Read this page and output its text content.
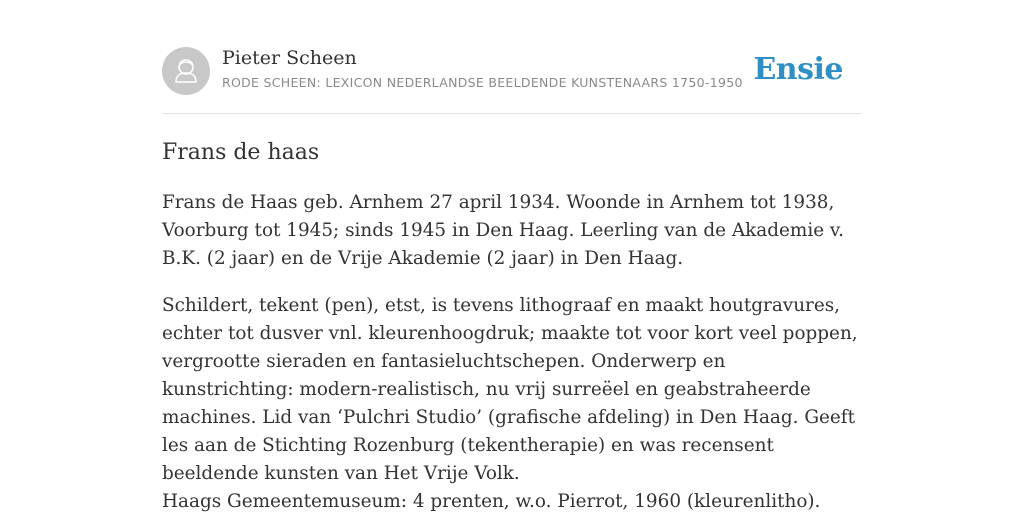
Pieter Scheen
RODE SCHEEN: LEXICON NEDERLANDSE BEELDENDE KUNSTENAARS 1750-1950 Ensie
Frans de haas

Frans de Haas geb. Arnhem 27 april 1934. Woonde in Arnhem tot 1938, Voorburg tot 1945; sinds 1945 in Den Haag. Leerling van de Akademie v. B.K. (2 jaar) en de Vrije Akademie (2 jaar) in Den Haag.

Schildert, tekent (pen), etst, is tevens lithograaf en maakt houtgravures, echter tot dusver vnl. kleurenhoogdruk; maakte tot voor kort veel poppen, vergrootte sieraden en fantasieluchtschepen. Onderwerp en kunstrichting: modern-realistisch, nu vrij surreëel en geabstraheerde machines. Lid van ‘Pulchri Studio’ (grafische afdeling) in Den Haag. Geeft les aan de Stichting Rozenburg (tekentherapie) en was recensent beeldende kunsten van Het Vrije Volk.

Haags Gemeentemuseum: 4 prenten, w.o. Pierrot, 1960 (kleurenlitho).
